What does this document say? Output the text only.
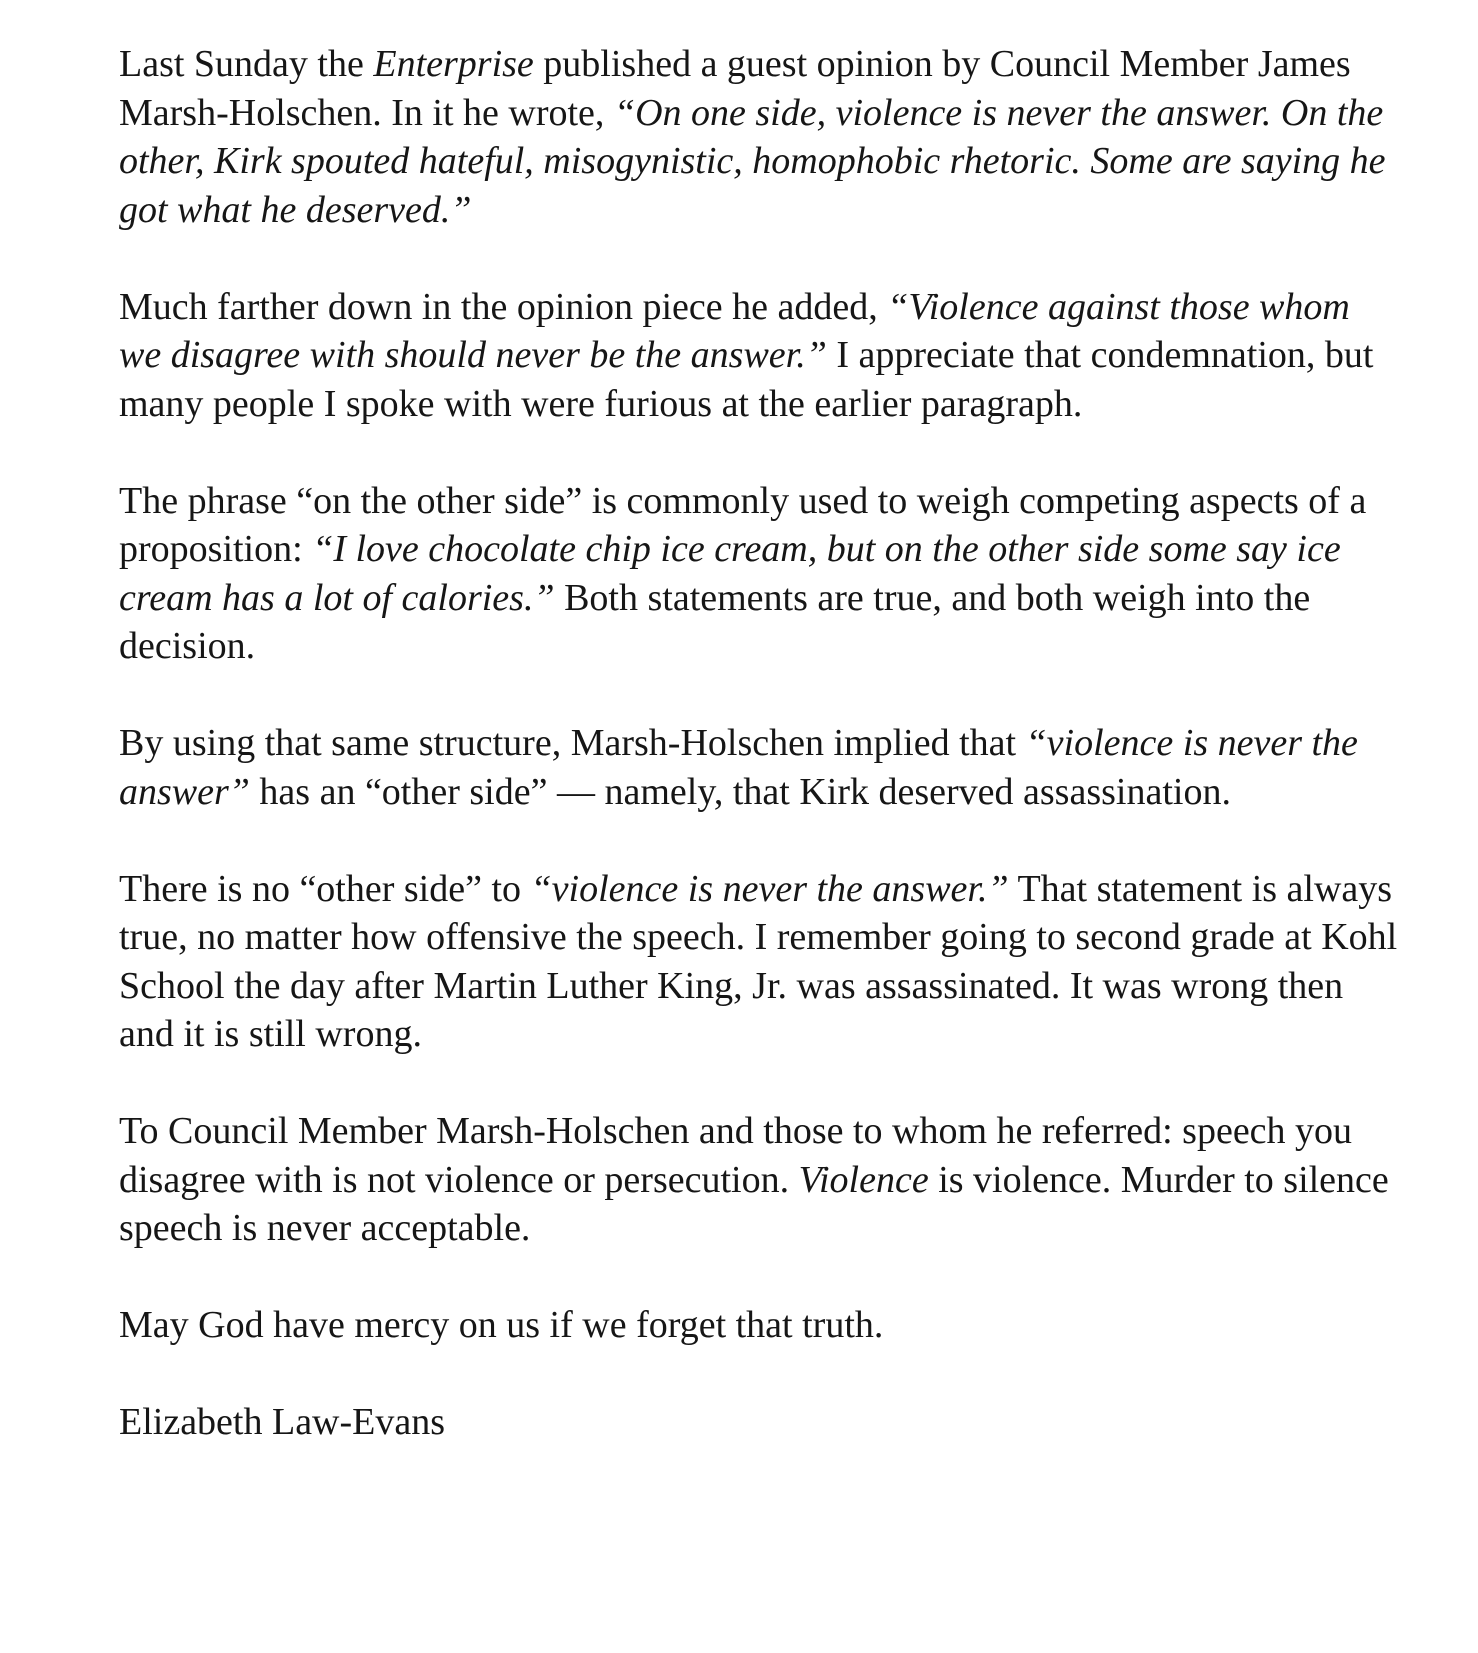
Last Sunday the Enterprise published a guest opinion by Council Member James Marsh-Holschen. In it he wrote, “On one side, violence is never the answer. On the other, Kirk spouted hateful, misogynistic, homophobic rhetoric. Some are saying he got what he deserved.”

Much farther down in the opinion piece he added, “Violence against those whom we disagree with should never be the answer.” I appreciate that condemnation, but many people I spoke with were furious at the earlier paragraph.

The phrase “on the other side” is commonly used to weigh competing aspects of a proposition: “I love chocolate chip ice cream, but on the other side some say ice cream has a lot of calories.” Both statements are true, and both weigh into the decision.

By using that same structure, Marsh-Holschen implied that “violence is never the answer” has an “other side” — namely, that Kirk deserved assassination.

There is no “other side” to “violence is never the answer.” That statement is always true, no matter how offensive the speech. I remember going to second grade at Kohl School the day after Martin Luther King, Jr. was assassinated. It was wrong then and it is still wrong.

To Council Member Marsh-Holschen and those to whom he referred: speech you disagree with is not violence or persecution. Violence is violence. Murder to silence speech is never acceptable.

May God have mercy on us if we forget that truth.

Elizabeth Law-Evans
